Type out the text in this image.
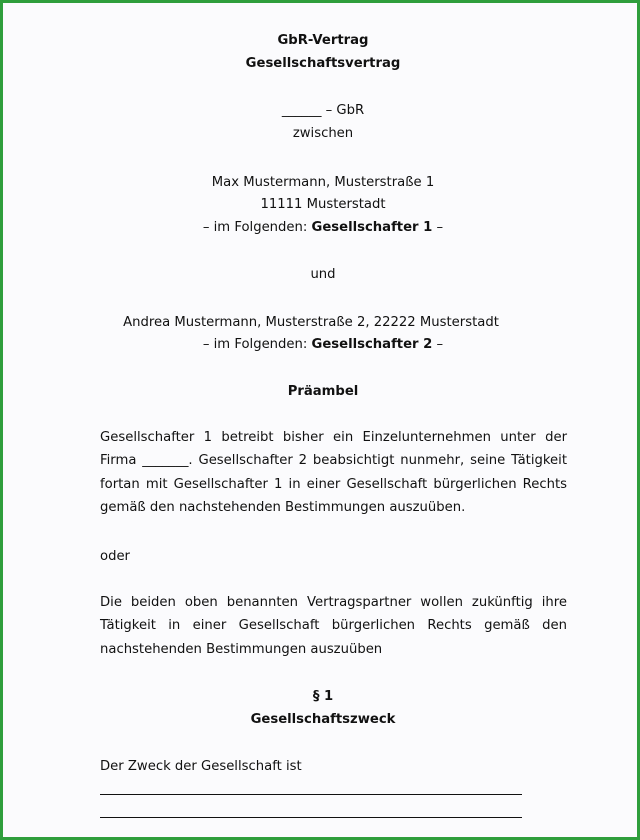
GbR-Vertrag
Gesellschaftsvertrag
______ – GbR
zwischen
Max Mustermann, Musterstraße 1
11111 Musterstadt
– im Folgenden: Gesellschafter 1 –
und
Andrea Mustermann, Musterstraße 2, 22222 Musterstadt
– im Folgenden: Gesellschafter 2 –
Präambel
Gesellschafter 1 betreibt bisher ein Einzelunternehmen unter der Firma _______. Gesellschafter 2 beabsichtigt nunmehr, seine Tätigkeit fortan mit Gesellschafter 1 in einer Gesellschaft bürgerlichen Rechts gemäß den nachstehenden Bestimmungen auszuüben.
oder
Die beiden oben benannten Vertragspartner wollen zukünftig ihre Tätigkeit in einer Gesellschaft bürgerlichen Rechts gemäß den nachstehenden Bestimmungen auszuüben
§ 1
Gesellschaftszweck
Der Zweck der Gesellschaft ist
